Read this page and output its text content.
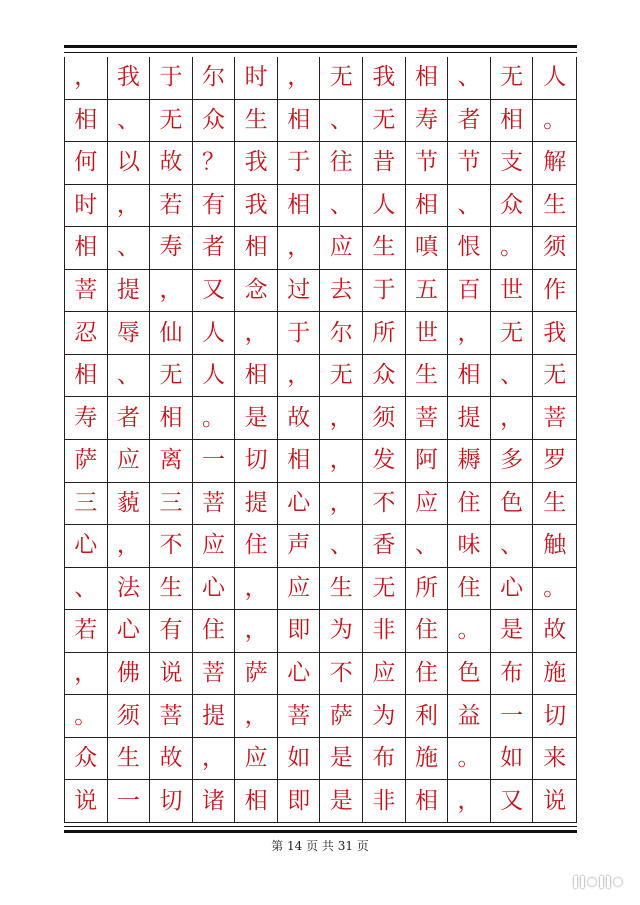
， 我 于 尔 时 ， 无 我 相 、 无 人
相 、 无 众 生 相 、 无 寿 者 相 。
何 以 故 ？ 我 于 往 昔 节 节 支 解
时 ， 若 有 我 相 、 人 相 、 众 生
相 、 寿 者 相 ， 应 生 嗔 恨 。 须
菩 提 ， 又 念 过 去 于 五 百 世 作
忍 辱 仙 人 ， 于 尔 所 世 ， 无 我
相 、 无 人 相 ， 无 众 生 相 、 无
寿 者 相 。 是 故 ， 须 菩 提 ， 菩
萨 应 离 一 切 相 ， 发 阿 耨 多 罗
三 藐 三 菩 提 心 ， 不 应 住 色 生
心 ， 不 应 住 声 、 香 、 味 、 触
、 法 生 心 ， 应 生 无 所 住 心 。
若 心 有 住 ， 即 为 非 住 。 是 故
， 佛 说 菩 萨 心 不 应 住 色 布 施
。 须 菩 提 ， 菩 萨 为 利 益 一 切
众 生 故 ， 应 如 是 布 施 。 如 来
说 一 切 诸 相 即 是 非 相 ， 又 说
第 14 页 共 31 页
